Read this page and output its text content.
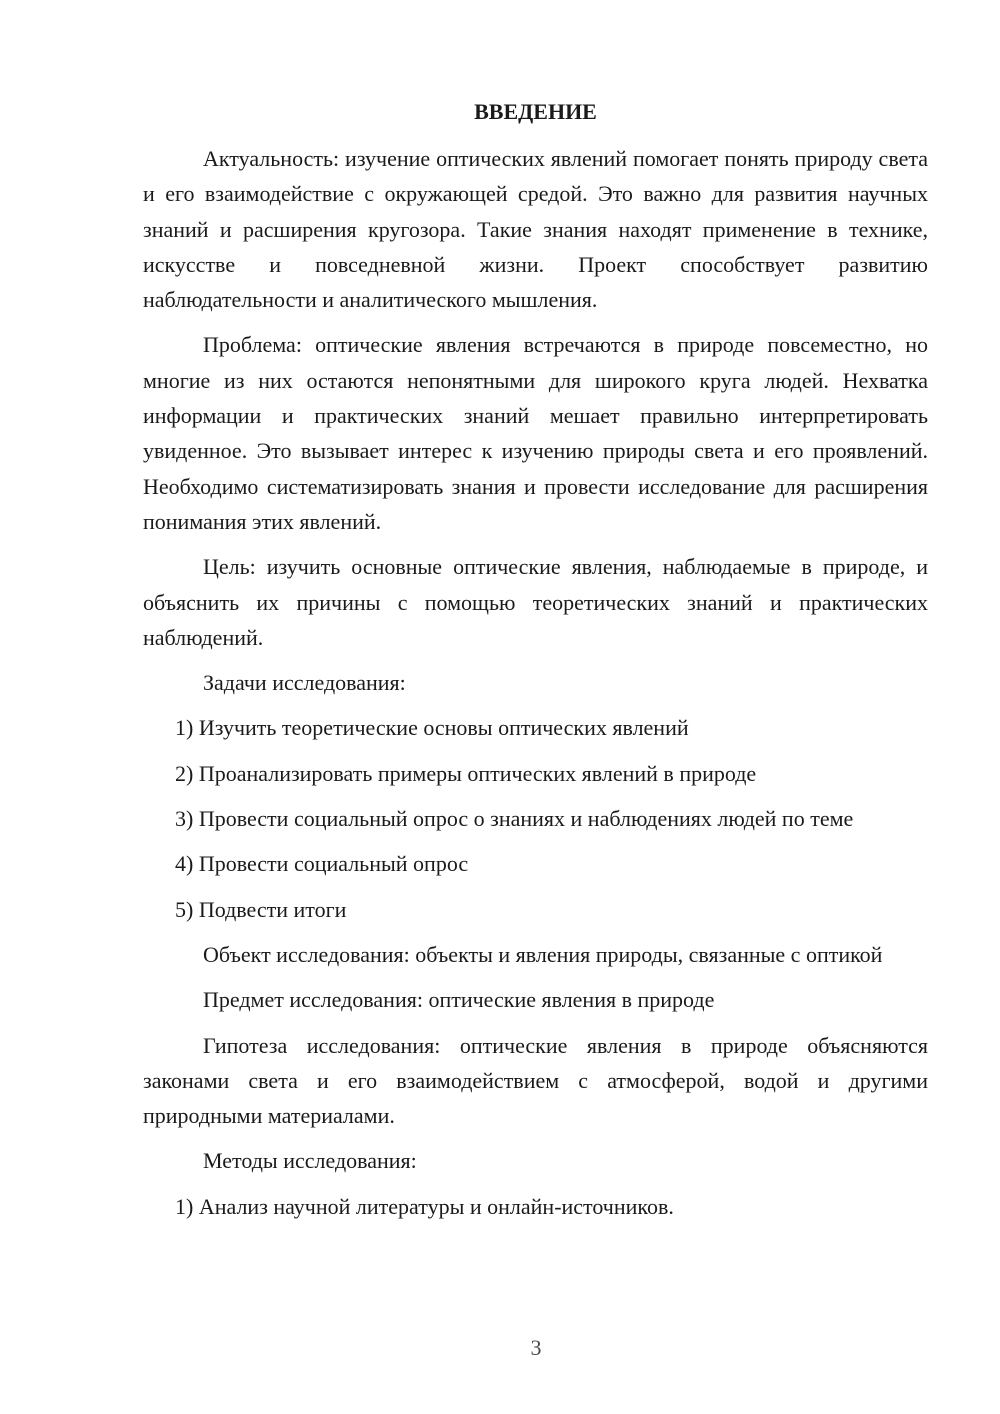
ВВЕДЕНИЕ

Актуальность: изучение оптических явлений помогает понять природу света и его взаимодействие с окружающей средой. Это важно для развития научных знаний и расширения кругозора. Такие знания находят применение в технике, искусстве и повседневной жизни. Проект способствует развитию наблюдательности и аналитического мышления.

Проблема: оптические явления встречаются в природе повсеместно, но многие из них остаются непонятными для широкого круга людей. Нехватка информации и практических знаний мешает правильно интерпретировать увиденное. Это вызывает интерес к изучению природы света и его проявлений. Необходимо систематизировать знания и провести исследование для расширения понимания этих явлений.

Цель: изучить основные оптические явления, наблюдаемые в природе, и объяснить их причины с помощью теоретических знаний и практических наблюдений.

Задачи исследования:

1) Изучить теоретические основы оптических явлений

2) Проанализировать примеры оптических явлений в природе

3) Провести социальный опрос о знаниях и наблюдениях людей по теме

4) Провести социальный опрос

5) Подвести итоги

Объект исследования: объекты и явления природы, связанные с оптикой

Предмет исследования: оптические явления в природе

Гипотеза исследования: оптические явления в природе объясняются законами света и его взаимодействием с атмосферой, водой и другими природными материалами.

Методы исследования:

1) Анализ научной литературы и онлайн-источников.

3
